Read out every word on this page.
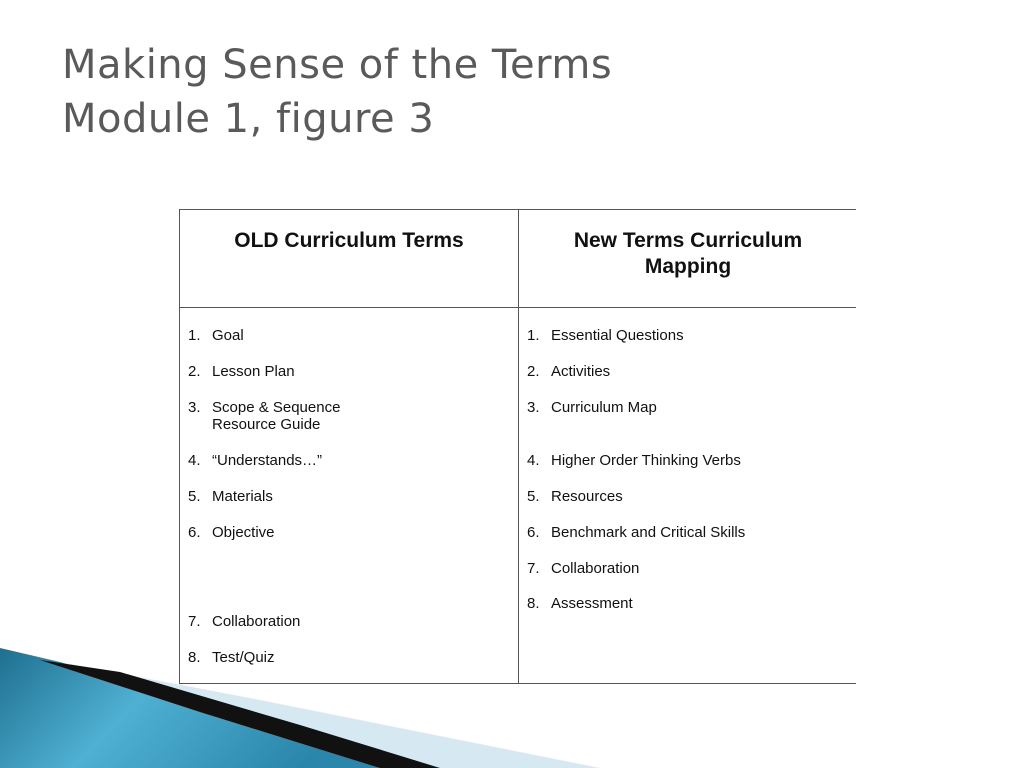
Making Sense of the Terms
Module 1, figure 3
OLD Curriculum Terms	New Terms Curriculum
Mapping
1. Goal
2. Lesson Plan
3. Scope & Sequence
Resource Guide
4. “Understands…”
5. Materials
6. Objective
7. Collaboration
8. Test/Quiz
1. Essential Questions
2. Activities
3. Curriculum Map
4. Higher Order Thinking Verbs
5. Resources
6. Benchmark and Critical Skills
7. Collaboration
8. Assessment
